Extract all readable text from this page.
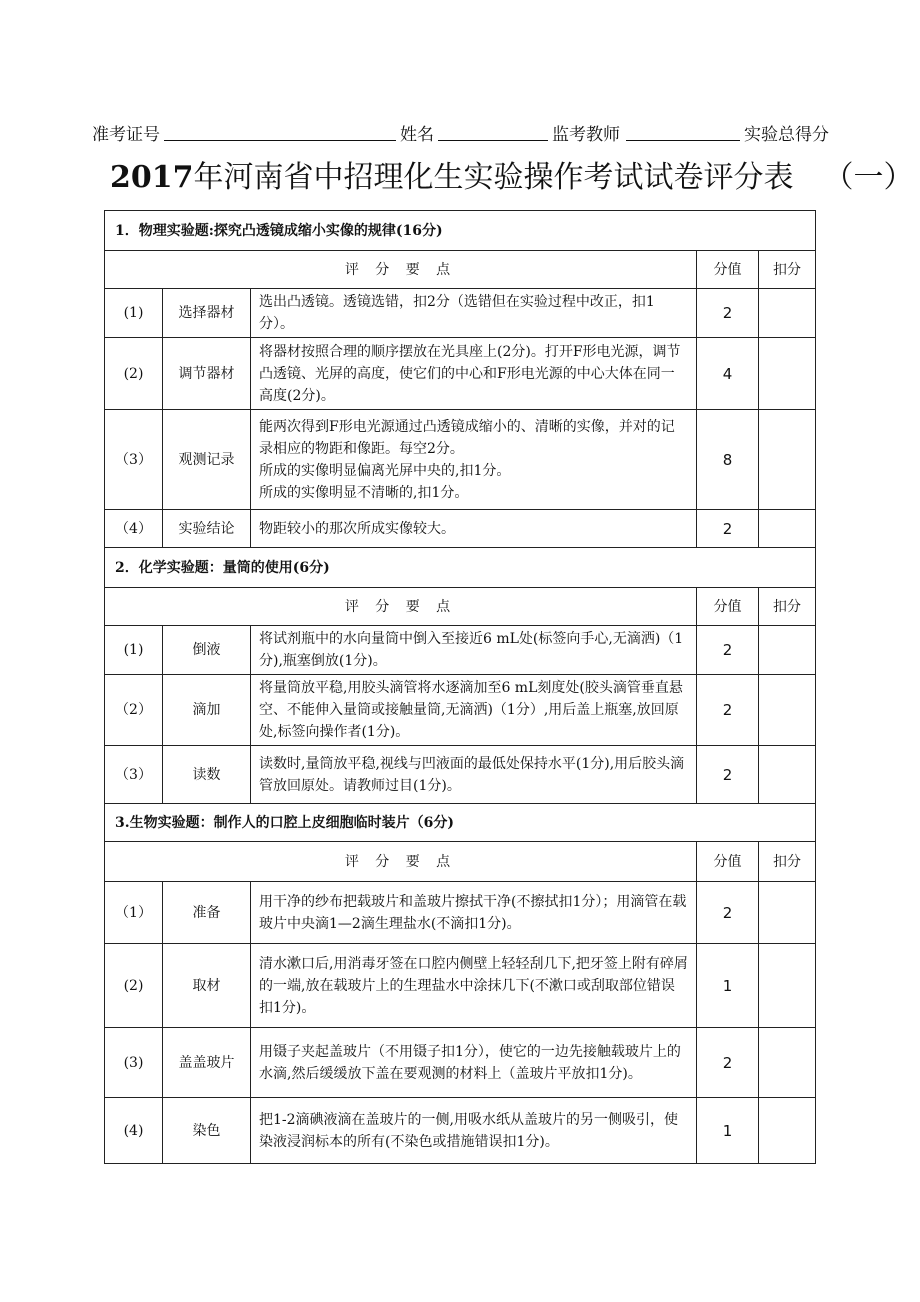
准考证号	姓名	监考教师	实验总得分
2017年河南省中招理化生实验操作考试试卷评分表 （一）
1．物理实验题:探究凸透镜成缩小实像的规律(16分)				
评 分 要 点			分值	扣分
(1)	选择器材	选出凸透镜。透镜选错，扣2分（选错但在实验过程中改正，扣1分）。	2	
(2)	调节器材	将器材按照合理的顺序摆放在光具座上(2分)。打开F形电光源，调节凸透镜、光屏的高度，使它们的中心和F形电光源的中心大体在同一高度(2分)。	4	
（3）	观测记录	能两次得到F形电光源通过凸透镜成缩小的、清晰的实像，并对的记录相应的物距和像距。每空2分。
所成的实像明显偏离光屏中央的,扣1分。
所成的实像明显不清晰的,扣1分。	8	
（4）	实验结论	物距较小的那次所成实像较大。	2	
2．化学实验题：量筒的使用(6分)				
评 分 要 点			分值	扣分
(1)	倒液	将试剂瓶中的水向量筒中倒入至接近6 mL处(标签向手心,无滴洒)（1分),瓶塞倒放(1分)。	2	
（2）	滴加	将量筒放平稳,用胶头滴管将水逐滴加至6 mL刻度处(胶头滴管垂直悬空、不能伸入量筒或接触量筒,无滴洒)（1分）,用后盖上瓶塞,放回原处,标签向操作者(1分)。	2	
（3）	读数	读数时,量筒放平稳,视线与凹液面的最低处保持水平(1分),用后胶头滴管放回原处。请教师过目(1分)。	2	
3.生物实验题：制作人的口腔上皮细胞临时装片（6分)				
评 分 要 点			分值	扣分
（1）	准备	用干净的纱布把载玻片和盖玻片擦拭干净(不擦拭扣1分）；用滴管在载玻片中央滴1—2滴生理盐水(不滴扣1分)。	2	
(2)	取材	清水漱口后,用消毒牙签在口腔内侧壁上轻轻刮几下,把牙签上附有碎屑的一端,放在载玻片上的生理盐水中涂抹几下(不漱口或刮取部位错误扣1分)。	1	
(3)	盖盖玻片	用镊子夹起盖玻片（不用镊子扣1分），使它的一边先接触载玻片上的水滴,然后缓缓放下盖在要观测的材料上（盖玻片平放扣1分)。	2	
(4)	染色	把1-2滴碘液滴在盖玻片的一侧,用吸水纸从盖玻片的另一侧吸引，使染液浸润标本的所有(不染色或措施错误扣1分)。	1	
